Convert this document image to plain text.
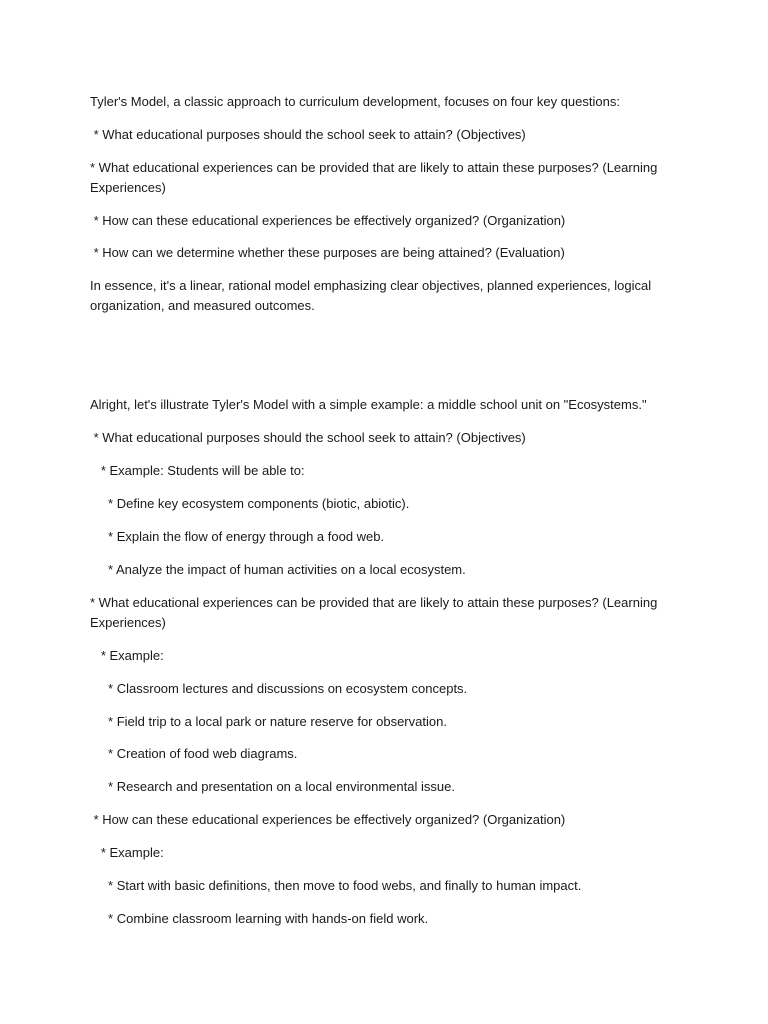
Tyler's Model, a classic approach to curriculum development, focuses on four key questions:

* What educational purposes should the school seek to attain? (Objectives)

* What educational experiences can be provided that are likely to attain these purposes? (Learning Experiences)

* How can these educational experiences be effectively organized? (Organization)

* How can we determine whether these purposes are being attained? (Evaluation)

In essence, it's a linear, rational model emphasizing clear objectives, planned experiences, logical organization, and measured outcomes.

Alright, let's illustrate Tyler's Model with a simple example: a middle school unit on "Ecosystems."

* What educational purposes should the school seek to attain? (Objectives)

* Example: Students will be able to:

* Define key ecosystem components (biotic, abiotic).

* Explain the flow of energy through a food web.

* Analyze the impact of human activities on a local ecosystem.

* What educational experiences can be provided that are likely to attain these purposes? (Learning Experiences)

* Example:

* Classroom lectures and discussions on ecosystem concepts.

* Field trip to a local park or nature reserve for observation.

* Creation of food web diagrams.

* Research and presentation on a local environmental issue.

* How can these educational experiences be effectively organized? (Organization)

* Example:

* Start with basic definitions, then move to food webs, and finally to human impact.

* Combine classroom learning with hands-on field work.
